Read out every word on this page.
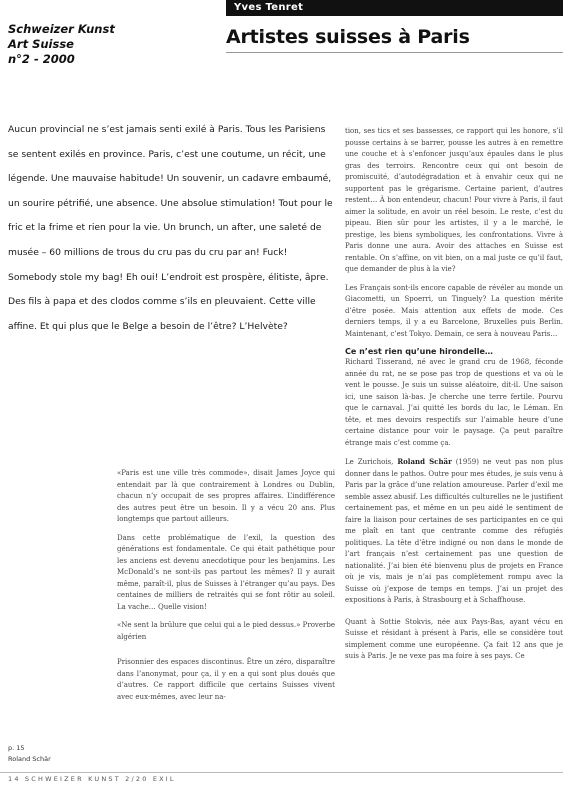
Yves Tenret
Schweizer Kunst
Art Suisse
n°2 - 2000
Artistes suisses à Paris

Aucun provincial ne s’est jamais senti exilé à Paris. Tous les Parisiens se sentent exilés en province. Paris, c’est une coutume, un récit, une légende. Une mauvaise habitude! Un souvenir, un cadavre embaumé, un sourire pétrifié, une absence. Une absolue stimulation! Tout pour le fric et la frime et rien pour la vie. Un brunch, un after, une saleté de musée – 60 millions de trous du cru pas du cru par an! Fuck! Somebody stole my bag! Eh oui! L’endroit est prospère, élitiste, âpre. Des fils à papa et des clodos comme s’ils en pleuvaient. Cette ville affine. Et qui plus que le Belge a besoin de l’être? L’Helvète?

«Paris est une ville très commode», disait James Joyce qui entendait par là que contrairement à Londres ou Dublin, chacun n’y occupait de ses propres affaires. L’indifférence des autres peut être un besoin. Il y a vécu 20 ans. Plus longtemps que partout ailleurs.

Dans cette problématique de l’exil, la question des générations est fondamentale. Ce qui était pathétique pour les anciens est devenu anecdotique pour les benjamins. Les McDonald’s ne sont-ils pas partout les mêmes? Il y aurait même, paraît-il, plus de Suisses à l’étranger qu’au pays. Des centaines de milliers de retraités qui se font rôtir au soleil. La vache… Quelle vision!

«Ne sent la brûlure que celui qui a le pied dessus.» Proverbe algérien

Prisonnier des espaces discontinus. Être un zéro, disparaître dans l’anonymat, pour ça, il y en a qui sont plus doués que d’autres. Ce rapport difficile que certains Suisses vivent avec eux-mêmes, avec leur na-

tion, ses tics et ses bassesses, ce rapport qui les honore, s’il pousse certains à se barrer, pousse les autres à en remettre une couche et à s’enfoncer jusqu’aux épaules dans le plus gras des terroirs. Rencontre ceux qui ont besoin de promiscuité, d’autodégradation et à envahir ceux qui ne supportent pas le grégarisme. Certaine parient, d’autres restent… À bon entendeur, chacun! Pour vivre à Paris, il faut aimer la solitude, en avoir un réel besoin. Le reste, c’est du pipeau. Bien sûr pour les artistes, il y a le marché, le prestige, les biens symboliques, les confrontations. Vivre à Paris donne une aura. Avoir des attaches en Suisse est rentable. On s’affine, on vit bien, on a mal juste ce qu’il faut, que demander de plus à la vie?

Les Français sont-ils encore capable de révéler au monde un Giacometti, un Spoerri, un Tinguely? La question mérite d’être posée. Mais attention aux effets de mode. Ces derniers temps, il y a eu Barcelone, Bruxelles puis Berlin. Maintenant, c’est Tokyo. Demain, ce sera à nouveau Paris…

Ce n’est rien qu’une hirondelle…

Richard Tisserand, né avec le grand cru de 1968, féconde année du rat, ne se pose pas trop de questions et va où le vent le pousse. Je suis un suisse aléatoire, dit-il. Une saison ici, une saison là-bas. Je cherche une terre fertile. Pourvu que le carnaval. J’ai quitté les bords du lac, le Léman. En tête, et mes devoirs respectifs sur l’aimable heure d’une certaine distance pour voir le paysage. Ça peut paraître étrange mais c’est comme ça.

Le Zurichois, Roland Schär (1959) ne veut pas non plus donner dans le pathos. Outre pour mes études, je suis venu à Paris par la grâce d’une relation amoureuse. Parler d’exil me semble assez abusif. Les difficultés culturelles ne le justifient certainement pas, et même en un peu aidé le sentiment de faire la liaison pour certaines de ses participantes en ce qui me plaît en tant que centrante comme des réfugiés politiques. La tête d’être indigné ou non dans le monde de l’art français n’est certainement pas une question de nationalité. J’ai bien été bienvenu plus de projets en France où je vis, mais je n’ai pas complètement rompu avec la Suisse où j’expose de temps en temps. J’ai un projet des expositions à Paris, à Strasbourg et à Schaffhouse.

Quant à Sottie Stokvis, née aux Pays-Bas, ayant vécu en Suisse et résidant à présent à Paris, elle se considère tout simplement comme une européenne. Ça fait 12 ans que je suis à Paris. Je ne vexe pas ma foire à ses pays. Ce

p. 15
Roland Schär
14 SCHWEIZER KUNST 2/20 EXIL
